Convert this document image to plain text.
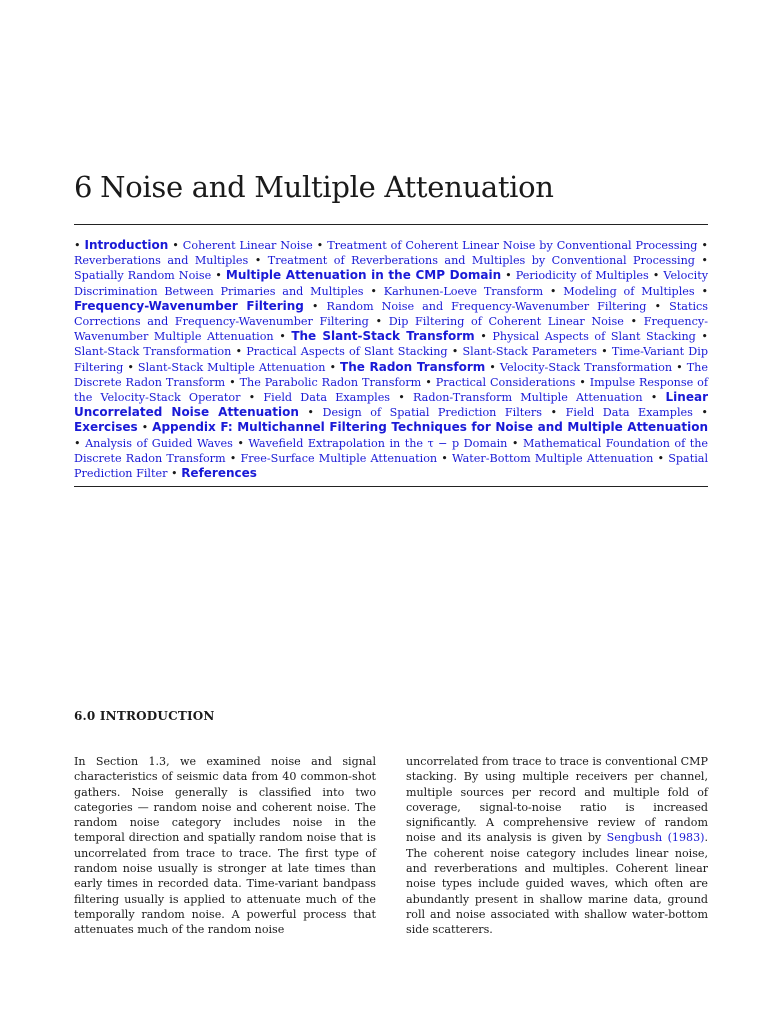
6 Noise and Multiple Attenuation
• Introduction • Coherent Linear Noise • Treatment of Coherent Linear Noise by Conventional Processing • Reverberations and Multiples • Treatment of Reverberations and Multiples by Conventional Processing • Spatially Random Noise • Multiple Attenuation in the CMP Domain • Periodicity of Multiples • Velocity Discrimination Between Primaries and Multiples • Karhunen-Loeve Transform • Modeling of Multiples • Frequency-Wavenumber Filtering • Random Noise and Frequency-Wavenumber Filtering • Statics Corrections and Frequency-Wavenumber Filtering • Dip Filtering of Coherent Linear Noise • Frequency-Wavenumber Multiple Attenuation • The Slant-Stack Transform • Physical Aspects of Slant Stacking • Slant-Stack Transformation • Practical Aspects of Slant Stacking • Slant-Stack Parameters • Time-Variant Dip Filtering • Slant-Stack Multiple Attenuation • The Radon Transform • Velocity-Stack Transformation • The Discrete Radon Transform • The Parabolic Radon Transform • Practical Considerations • Impulse Response of the Velocity-Stack Operator • Field Data Examples • Radon-Transform Multiple Attenuation • Linear Uncorrelated Noise Attenuation • Design of Spatial Prediction Filters • Field Data Examples • Exercises • Appendix F: Multichannel Filtering Techniques for Noise and Multiple Attenuation • Analysis of Guided Waves • Wavefield Extrapolation in the τ − p Domain • Mathematical Foundation of the Discrete Radon Transform • Free-Surface Multiple Attenuation • Water-Bottom Multiple Attenuation • Spatial Prediction Filter • References
6.0 INTRODUCTION

In Section 1.3, we examined noise and signal characteristics of seismic data from 40 common-shot gathers. Noise generally is classified into two categories — random noise and coherent noise. The random noise category includes noise in the temporal direction and spatially random noise that is uncorrelated from trace to trace. The first type of random noise usually is stronger at late times than early times in recorded data. Time-variant bandpass filtering usually is applied to attenuate much of the temporally random noise. A powerful process that attenuates much of the random noise

uncorrelated from trace to trace is conventional CMP stacking. By using multiple receivers per channel, multiple sources per record and multiple fold of coverage, signal-to-noise ratio is increased significantly. A comprehensive review of random noise and its analysis is given by Sengbush (1983). The coherent noise category includes linear noise, and reverberations and multiples. Coherent linear noise types include guided waves, which often are abundantly present in shallow marine data, ground roll and noise associated with shallow water-bottom side scatterers.
